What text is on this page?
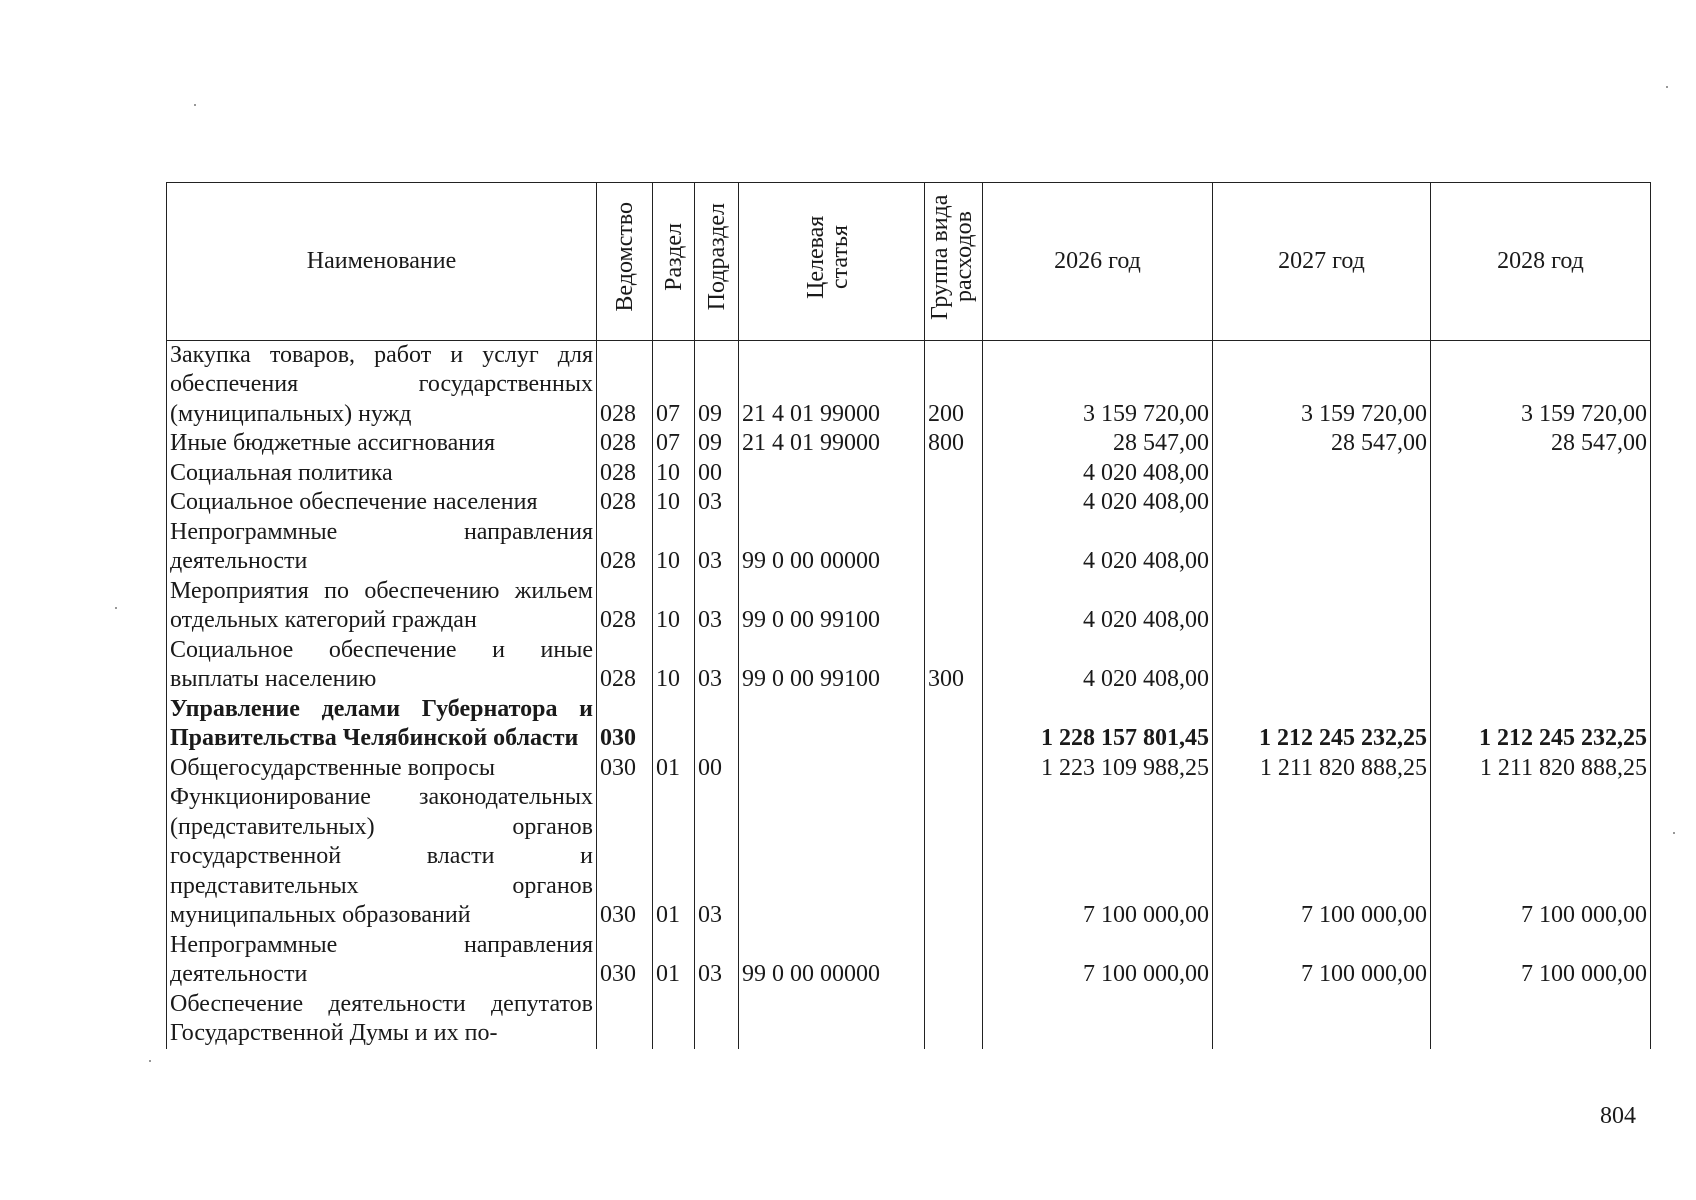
Наименование	Ведомство	Раздел	Подраздел	Целевая статья	Группа вида расходов	2026 год	2027 год	2028 год
Закупка товаров, работ и услуг для обеспечения государственных (муниципальных) нужд	028	07	09	21 4 01 99000	200	3 159 720,00	3 159 720,00	3 159 720,00
Иные бюджетные ассигнования	028	07	09	21 4 01 99000	800	28 547,00	28 547,00	28 547,00
Социальная политика	028	10	00			4 020 408,00		
Социальное обеспечение населения	028	10	03			4 020 408,00		
Непрограммные направления деятельности	028	10	03	99 0 00 00000		4 020 408,00		
Мероприятия по обеспечению жильем отдельных категорий граждан	028	10	03	99 0 00 99100		4 020 408,00		
Социальное обеспечение и иные выплаты населению	028	10	03	99 0 00 99100	300	4 020 408,00		
Управление делами Губернатора и Правительства Челябинской области	030					1 228 157 801,45	1 212 245 232,25	1 212 245 232,25
Общегосударственные вопросы	030	01	00			1 223 109 988,25	1 211 820 888,25	1 211 820 888,25
Функционирование законодательных (представительных) органов государственной власти и представительных органов муниципальных образований	030	01	03			7 100 000,00	7 100 000,00	7 100 000,00
Непрограммные направления деятельности	030	01	03	99 0 00 00000		7 100 000,00	7 100 000,00	7 100 000,00
Обеспечение деятельности депутатов Государственной Думы и их по-								
804
